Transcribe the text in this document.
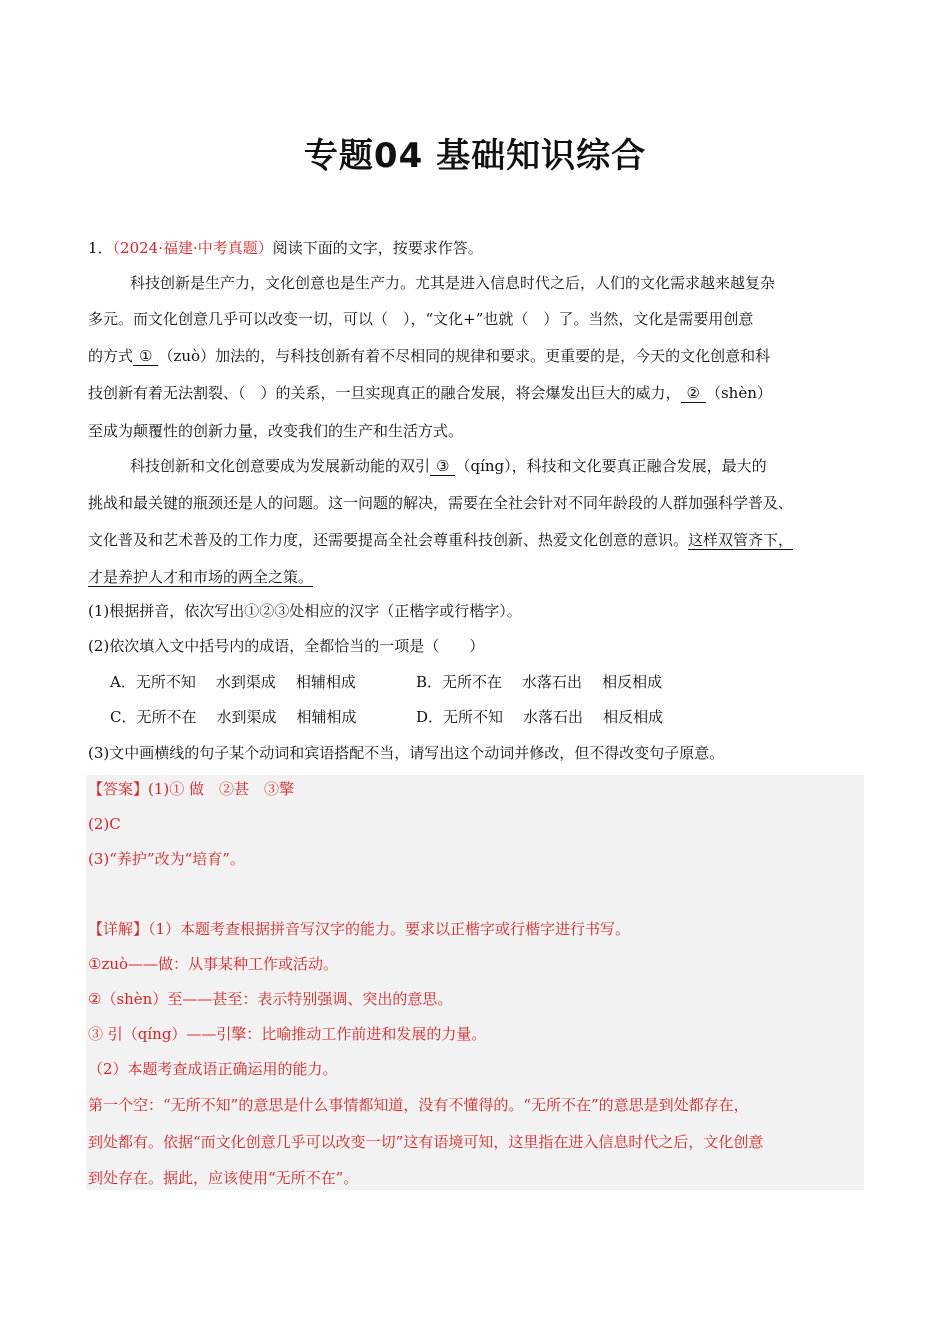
专题04 基础知识综合
1．（2024·福建·中考真题）阅读下面的文字，按要求作答。
科技创新是生产力，文化创意也是生产力。尤其是进入信息时代之后，人们的文化需求越来越复杂
多元。而文化创意几乎可以改变一切，可以（　），“文化+”也就（　）了。当然，文化是需要用创意
的方式 ① （zuò）加法的，与科技创新有着不尽相同的规律和要求。更重要的是，今天的文化创意和科
技创新有着无法割裂、（　）的关系，一旦实现真正的融合发展，将会爆发出巨大的威力， ② （shèn）
至成为颠覆性的创新力量，改变我们的生产和生活方式。
科技创新和文化创意要成为发展新动能的双引 ③ （qíng），科技和文化要真正融合发展，最大的
挑战和最关键的瓶颈还是人的问题。这一问题的解决，需要在全社会针对不同年龄段的人群加强科学普及、
文化普及和艺术普及的工作力度，还需要提高全社会尊重科技创新、热爱文化创意的意识。这样双管齐下，
才是养护人才和市场的两全之策。
(1)根据拼音，依次写出①②③处相应的汉字（正楷字或行楷字）。
(2)依次填入文中括号内的成语，全都恰当的一项是（　　）
A．无所不知 水到渠成 相辅相成	B．无所不在 水落石出 相反相成
C．无所不在 水到渠成 相辅相成	D．无所不知 水落石出 相反相成
(3)文中画横线的句子某个动词和宾语搭配不当，请写出这个动词并修改，但不得改变句子原意。
【答案】(1)① 做　②甚　③擎
(2)C
(3)“养护”改为“培育”。
【详解】（1）本题考查根据拼音写汉字的能力。要求以正楷字或行楷字进行书写。
①zuò——做：从事某种工作或活动。
②（shèn）至——甚至：表示特别强调、突出的意思。
③ 引（qíng）——引擎：比喻推动工作前进和发展的力量。
（2）本题考查成语正确运用的能力。
第一个空：“无所不知”的意思是什么事情都知道，没有不懂得的。“无所不在”的意思是到处都存在，
到处都有。依据“而文化创意几乎可以改变一切”这有语境可知，这里指在进入信息时代之后，文化创意
到处存在。据此，应该使用“无所不在”。
